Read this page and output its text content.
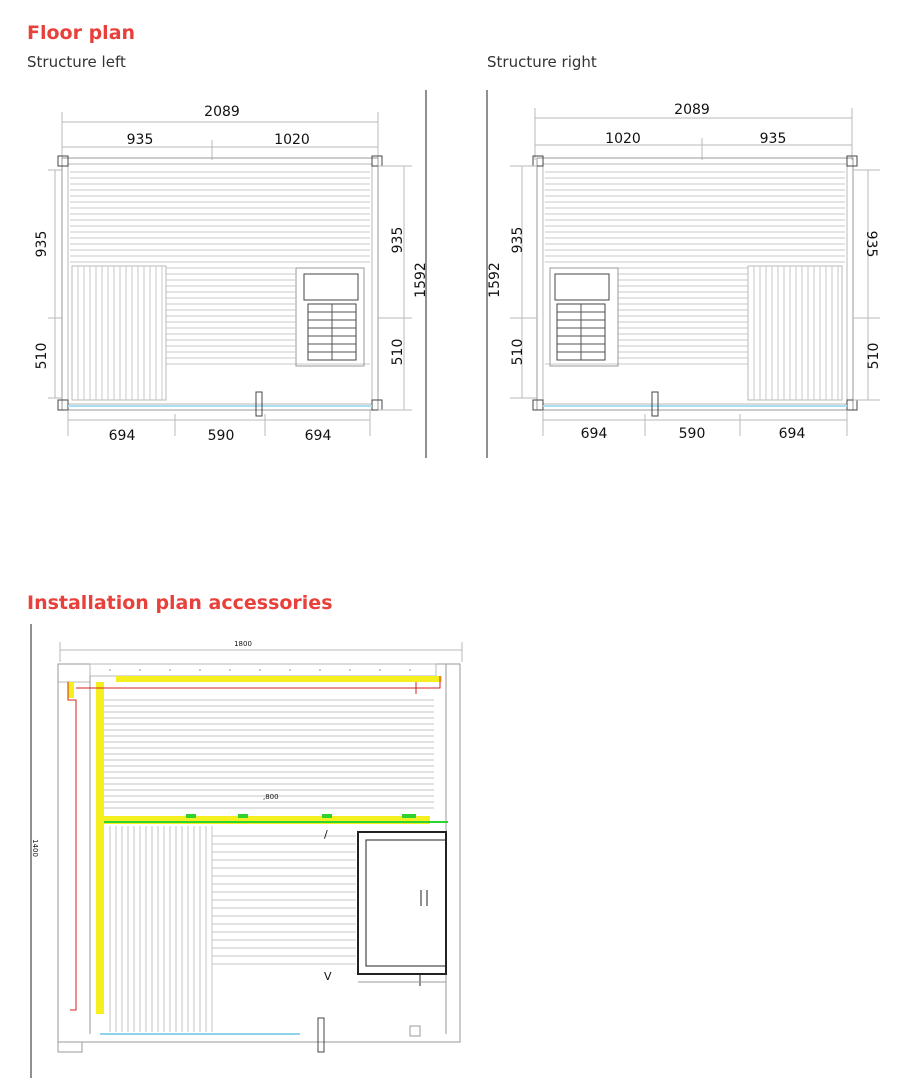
Floor plan
Structure left	Structure right
2089
935	1020
935
510
935
510
1592
694	590	694
1592
2089
1020	935
935
510
935
510
694	590	694
Installation plan accessories
1400
1800
,800
/
V
